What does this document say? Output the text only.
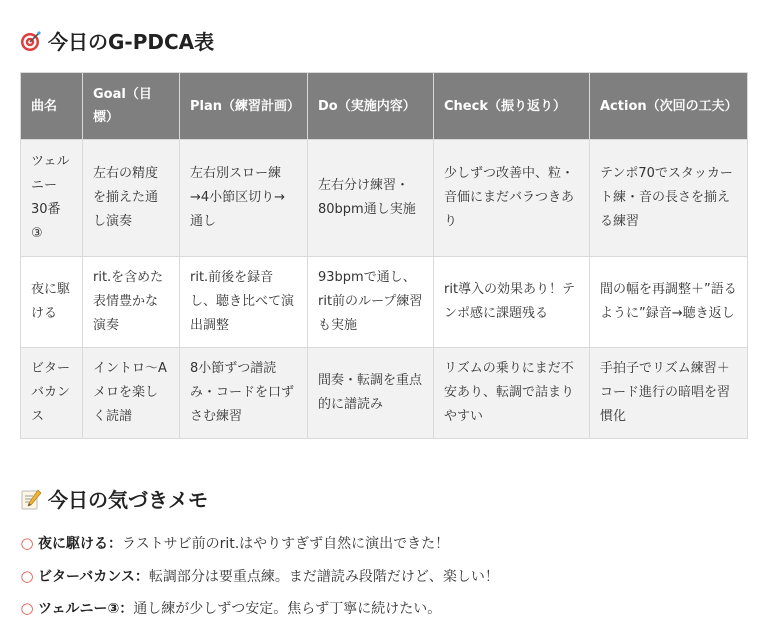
今日のG-PDCA表
曲名	Goal（目標）	Plan（練習計画）	Do（実施内容）	Check（振り返り）	Action（次回の工夫）
ツェルニー30番③	左右の精度を揃えた通し演奏	左右別スロー練→4小節区切り→通し	左右分け練習・80bpm通し実施	少しずつ改善中、粒・音価にまだバラつきあり	テンポ70でスタッカート練・音の長さを揃える練習
夜に駆ける	rit.を含めた表情豊かな演奏	rit.前後を録音し、聴き比べて演出調整	93bpmで通し、rit前のループ練習も実施	rit導入の効果あり！テンポ感に課題残る	間の幅を再調整＋”語るように”録音→聴き返し
ビターバカンス	イントロ〜Aメロを楽しく読譜	8小節ずつ譜読み・コードを口ずさむ練習	間奏・転調を重点的に譜読み	リズムの乗りにまだ不安あり、転調で詰まりやすい	手拍子でリズム練習＋コード進行の暗唱を習慣化
今日の気づきメモ
○ 夜に駆ける： ラストサビ前のrit.はやりすぎず自然に演出できた！
○ ビターバカンス： 転調部分は要重点練。まだ譜読み段階だけど、楽しい！
○ ツェルニー③： 通し練が少しずつ安定。焦らず丁寧に続けたい。
